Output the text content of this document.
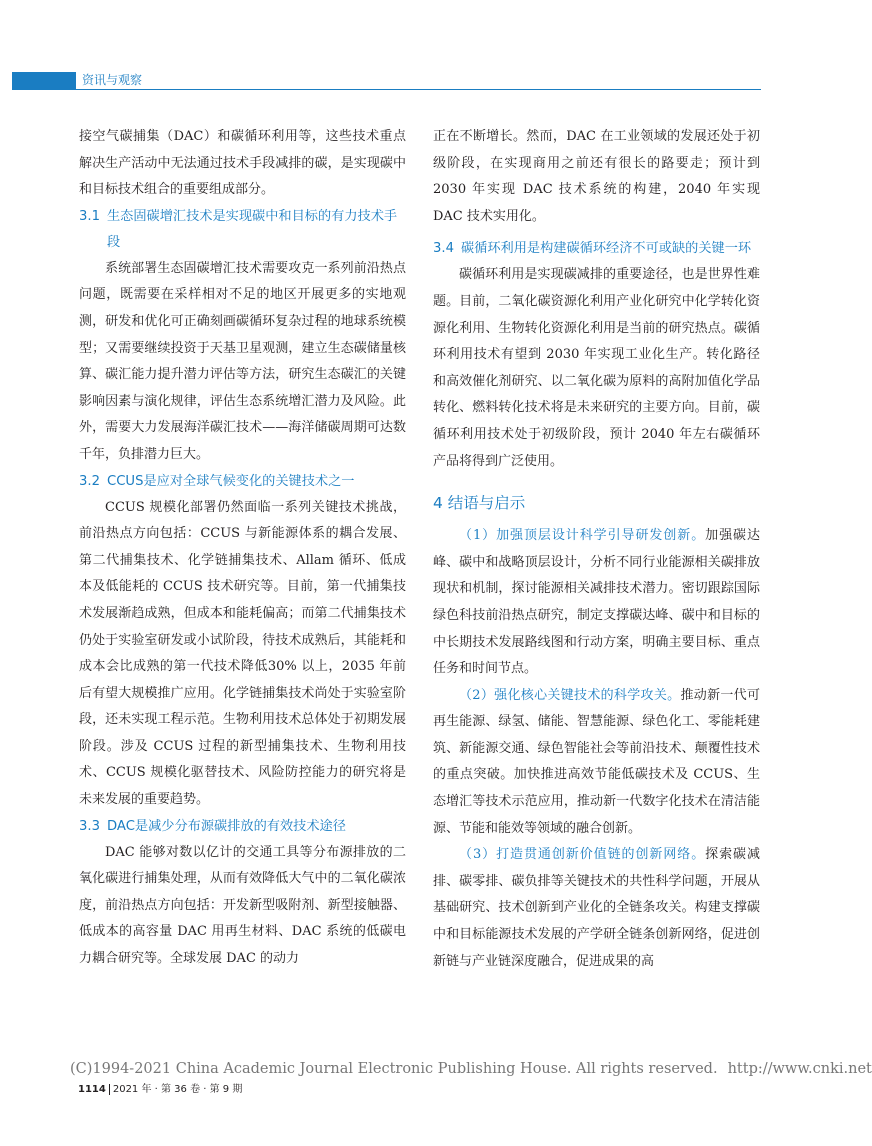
资讯与观察

接空气碳捕集（DAC）和碳循环利用等，这些技术重点解决生产活动中无法通过技术手段减排的碳，是实现碳中和目标技术组合的重要组成部分。

3.1 生态固碳增汇技术是实现碳中和目标的有力技术手段

系统部署生态固碳增汇技术需要攻克一系列前沿热点问题，既需要在采样相对不足的地区开展更多的实地观测，研发和优化可正确刻画碳循环复杂过程的地球系统模型；又需要继续投资于天基卫星观测，建立生态碳储量核算、碳汇能力提升潜力评估等方法，研究生态碳汇的关键影响因素与演化规律，评估生态系统增汇潜力及风险。此外，需要大力发展海洋碳汇技术——海洋储碳周期可达数千年，负排潜力巨大。

3.2 CCUS是应对全球气候变化的关键技术之一

CCUS 规模化部署仍然面临一系列关键技术挑战，前沿热点方向包括：CCUS 与新能源体系的耦合发展、第二代捕集技术、化学链捕集技术、Allam 循环、低成本及低能耗的 CCUS 技术研究等。目前，第一代捕集技术发展渐趋成熟，但成本和能耗偏高；而第二代捕集技术仍处于实验室研发或小试阶段，待技术成熟后，其能耗和成本会比成熟的第一代技术降低30% 以上，2035 年前后有望大规模推广应用。化学链捕集技术尚处于实验室阶段，还未实现工程示范。生物利用技术总体处于初期发展阶段。涉及 CCUS 过程的新型捕集技术、生物利用技术、CCUS 规模化驱替技术、风险防控能力的研究将是未来发展的重要趋势。

3.3 DAC是减少分布源碳排放的有效技术途径

DAC 能够对数以亿计的交通工具等分布源排放的二氧化碳进行捕集处理，从而有效降低大气中的二氧化碳浓度，前沿热点方向包括：开发新型吸附剂、新型接触器、低成本的高容量 DAC 用再生材料、DAC 系统的低碳电力耦合研究等。全球发展 DAC 的动力

正在不断增长。然而，DAC 在工业领域的发展还处于初级阶段，在实现商用之前还有很长的路要走；预计到 2030 年实现 DAC 技术系统的构建，2040 年实现 DAC 技术实用化。

3.4 碳循环利用是构建碳循环经济不可或缺的关键一环

碳循环利用是实现碳减排的重要途径，也是世界性难题。目前，二氧化碳资源化利用产业化研究中化学转化资源化利用、生物转化资源化利用是当前的研究热点。碳循环利用技术有望到 2030 年实现工业化生产。转化路径和高效催化剂研究、以二氧化碳为原料的高附加值化学品转化、燃料转化技术将是未来研究的主要方向。目前，碳循环利用技术处于初级阶段，预计 2040 年左右碳循环产品将得到广泛使用。

4 结语与启示

（1）加强顶层设计科学引导研发创新。加强碳达峰、碳中和战略顶层设计，分析不同行业能源相关碳排放现状和机制，探讨能源相关减排技术潜力。密切跟踪国际绿色科技前沿热点研究，制定支撑碳达峰、碳中和目标的中长期技术发展路线图和行动方案，明确主要目标、重点任务和时间节点。

（2）强化核心关键技术的科学攻关。推动新一代可再生能源、绿氢、储能、智慧能源、绿色化工、零能耗建筑、新能源交通、绿色智能社会等前沿技术、颠覆性技术的重点突破。加快推进高效节能低碳技术及 CCUS、生态增汇等技术示范应用，推动新一代数字化技术在清洁能源、节能和能效等领域的融合创新。

（3）打造贯通创新价值链的创新网络。探索碳减排、碳零排、碳负排等关键技术的共性科学问题，开展从基础研究、技术创新到产业化的全链条攻关。构建支撑碳中和目标能源技术发展的产学研全链条创新网络，促进创新链与产业链深度融合，促进成果的高

(C)1994-2021 China Academic Journal Electronic Publishing House. All rights reserved. http://www.cnki.net
1114 2021 年 · 第 36 卷 · 第 9 期
